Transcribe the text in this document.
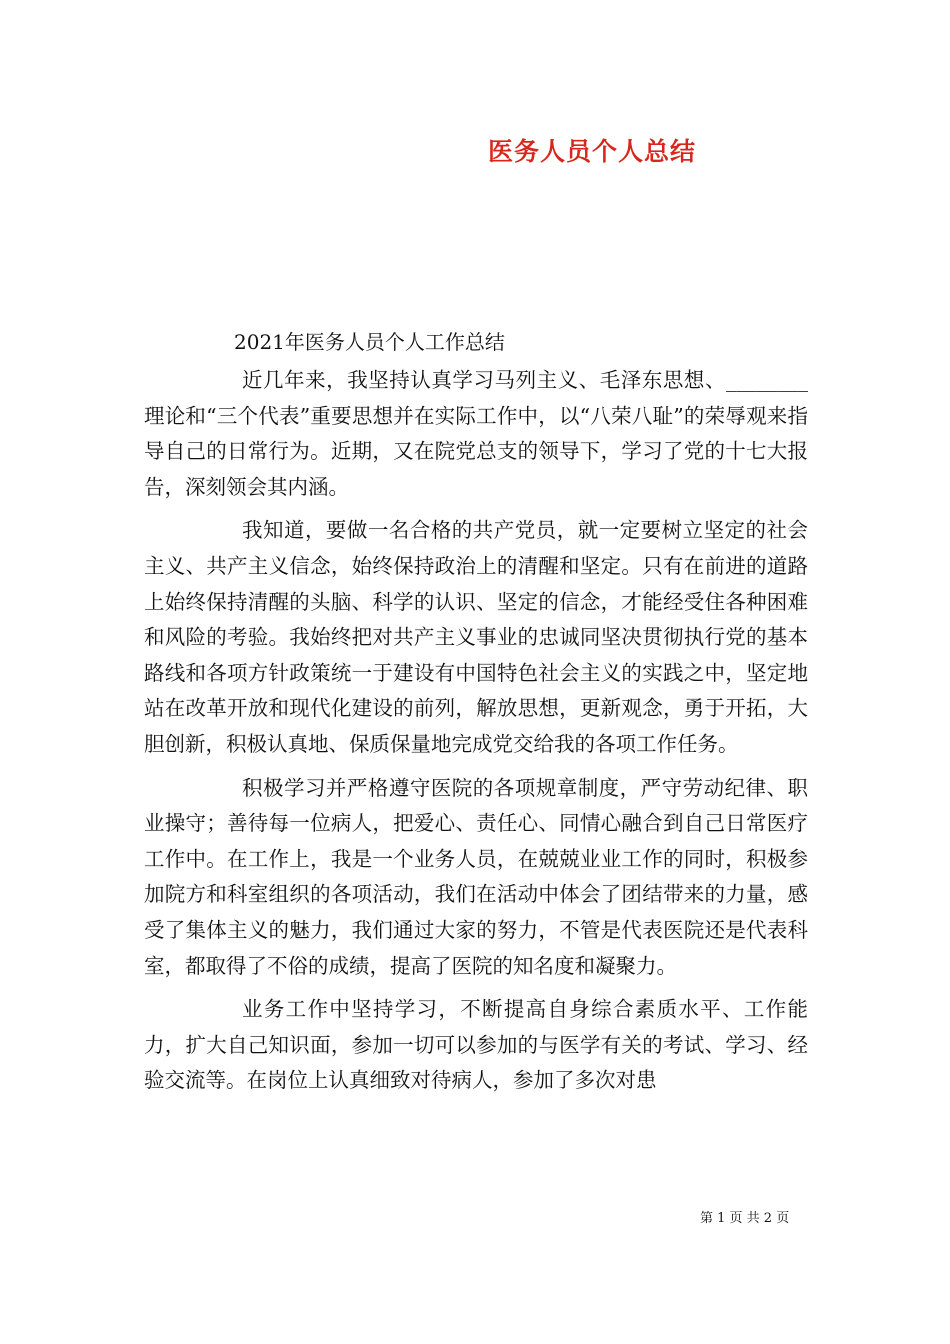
医务人员个人总结
2021年医务人员个人工作总结

近几年来，我坚持认真学习马列主义、毛泽东思想、________理论和“三个代表”重要思想并在实际工作中，以“八荣八耻”的荣辱观来指导自己的日常行为。近期，又在院党总支的领导下，学习了党的十七大报告，深刻领会其内涵。

我知道，要做一名合格的共产党员，就一定要树立坚定的社会主义、共产主义信念，始终保持政治上的清醒和坚定。只有在前进的道路上始终保持清醒的头脑、科学的认识、坚定的信念，才能经受住各种困难和风险的考验。我始终把对共产主义事业的忠诚同坚决贯彻执行党的基本路线和各项方针政策统一于建设有中国特色社会主义的实践之中，坚定地站在改革开放和现代化建设的前列，解放思想，更新观念，勇于开拓，大胆创新，积极认真地、保质保量地完成党交给我的各项工作任务。

积极学习并严格遵守医院的各项规章制度，严守劳动纪律、职业操守；善待每一位病人，把爱心、责任心、同情心融合到自己日常医疗工作中。在工作上，我是一个业务人员，在兢兢业业工作的同时，积极参加院方和科室组织的各项活动，我们在活动中体会了团结带来的力量，感受了集体主义的魅力，我们通过大家的努力，不管是代表医院还是代表科室，都取得了不俗的成绩，提高了医院的知名度和凝聚力。

业务工作中坚持学习，不断提高自身综合素质水平、工作能力，扩大自己知识面，参加一切可以参加的与医学有关的考试、学习、经验交流等。在岗位上认真细致对待病人，参加了多次对患

第 1 页 共 2 页
